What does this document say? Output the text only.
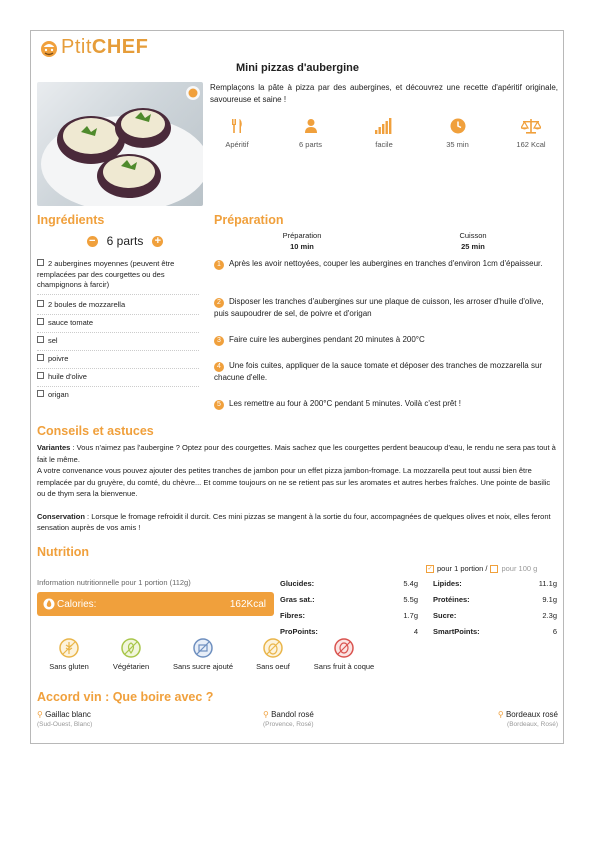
PtitCHEF
Mini pizzas d'aubergine
Remplaçons la pâte à pizza par des aubergines, et découvrez une recette d'apéritif originale, savoureuse et saine !
Apéritif	6 parts	facile	35 min	162 Kcal
Ingrédients
− 6 parts +
2 aubergines moyennes (peuvent être remplacées par des courgettes ou des champignons à farcir)
2 boules de mozzarella
sauce tomate
sel
poivre
huile d'olive
origan
Préparation
Préparation
10 min
Cuisson
25 min
1 Après les avoir nettoyées, couper les aubergines en tranches d'environ 1cm d'épaisseur.
2 Disposer les tranches d'aubergines sur une plaque de cuisson, les arroser d'huile d'olive, puis saupoudrer de sel, de poivre et d'origan
3 Faire cuire les aubergines pendant 20 minutes à 200°C
4 Une fois cuites, appliquer de la sauce tomate et déposer des tranches de mozzarella sur chacune d'elle.
5 Les remettre au four à 200°C pendant 5 minutes. Voilà c'est prêt !
Conseils et astuces
Variantes : Vous n'aimez pas l'aubergine ? Optez pour des courgettes. Mais sachez que les courgettes perdent beaucoup d'eau, le rendu ne sera pas tout à fait le même.
A votre convenance vous pouvez ajouter des petites tranches de jambon pour un effet pizza jambon-fromage. La mozzarella peut tout aussi bien être remplacée par du gruyère, du comté, du chèvre... Et comme toujours on ne se retient pas sur les aromates et autres herbes fraîches. Une pointe de basilic ou de thym sera la bienvenue.
Conservation : Lorsque le fromage refroidit il durcit. Ces mini pizzas se mangent à la sortie du four, accompagnées de quelques olives et noix, elles feront sensation auprès de vos amis !
Nutrition
✓ pour 1 portion / pour 100 g
Information nutritionnelle pour 1 portion (112g)
Calories:	162Kcal
Glucides:	5.4g
Gras sat.:	5.5g
Fibres:	1.7g
ProPoints:	4
Lipides:	11.1g
Protéines:	9.1g
Sucre:	2.3g
SmartPoints:	6
Sans gluten	Végétarien	Sans sucre ajouté	Sans oeuf	Sans fruit à coque
Accord vin : Que boire avec ?
⚲ Gaillac blanc
(Sud-Ouest, Blanc)
⚲ Bandol rosé
(Provence, Rosé)
⚲ Bordeaux rosé
(Bordeaux, Rosé)
